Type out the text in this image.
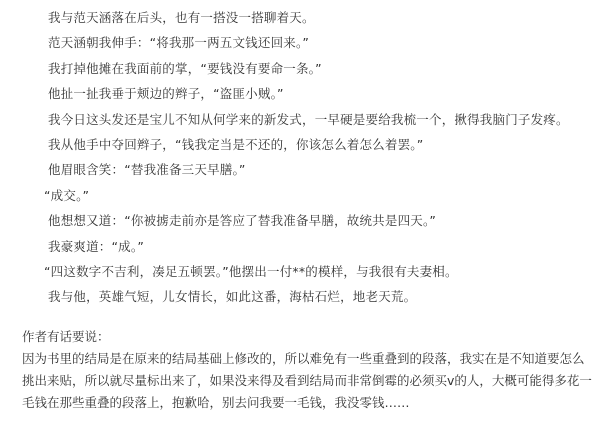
我与范天涵落在后头，也有一搭没一搭聊着天。
范天涵朝我伸手：“将我那一两五文钱还回来。”
我打掉他摊在我面前的掌，“要钱没有要命一条。”
他扯一扯我垂于颊边的辫子，“盗匪小贼。”
我今日这头发还是宝儿不知从何学来的新发式，一早硬是要给我梳一个，揪得我脑门子发疼。
我从他手中夺回辫子，“钱我定当是不还的，你该怎么着怎么着罢。”
他眉眼含笑：“替我准备三天早膳。”
“成交。”
他想想又道：“你被掳走前亦是答应了替我准备早膳，故统共是四天。”
我豪爽道：“成。”
“四这数字不吉利，凑足五顿罢。”他摆出一付**的模样，与我很有夫妻相。
我与他，英雄气短，儿女情长，如此这番，海枯石烂，地老天荒。
作者有话要说：
因为书里的结局是在原来的结局基础上修改的，所以难免有一些重叠到的段落，我实在是不知道要怎么
挑出来贴，所以就尽量标出来了，如果没来得及看到结局而非常倒霉的必须买v的人，大概可能得多花一
毛钱在那些重叠的段落上，抱歉哈，别去问我要一毛钱，我没零钱……
